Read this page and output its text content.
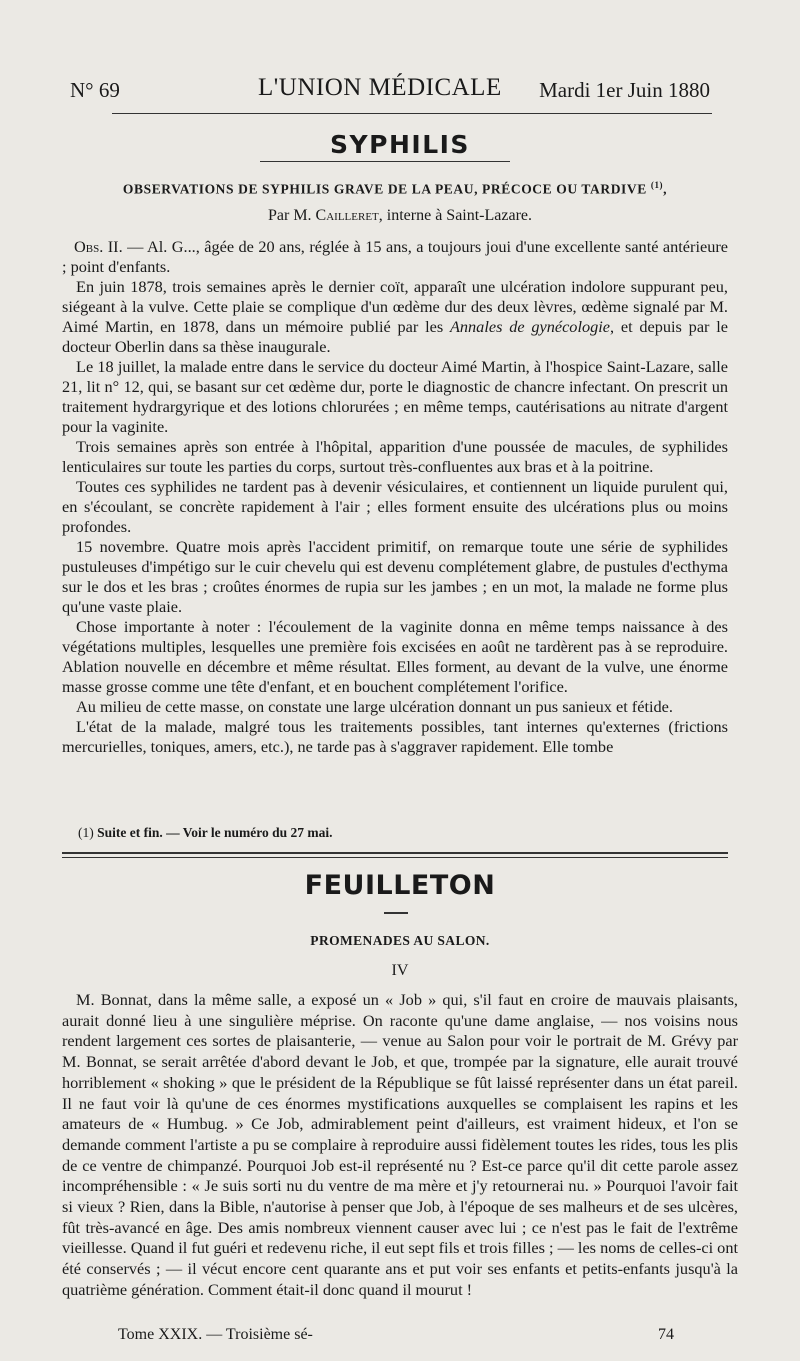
N° 69	L'UNION MÉDICALE Mardi 1er Juin 1880
SYPHILIS
OBSERVATIONS DE SYPHILIS GRAVE DE LA PEAU, PRÉCOCE OU TARDIVE $^{(1)}$,
Par M. Cailleret, interne à Saint-Lazare.

Obs. II. — Al. G..., âgée de 20 ans, réglée à 15 ans, a toujours joui d'une excellente santé antérieure ; point d'enfants.

En juin 1878, trois semaines après le dernier coït, apparaît une ulcération indolore suppurant peu, siégeant à la vulve. Cette plaie se complique d'un œdème dur des deux lèvres, œdème signalé par M. Aimé Martin, en 1878, dans un mémoire publié par les Annales de gynécologie, et depuis par le docteur Oberlin dans sa thèse inaugurale.

Le 18 juillet, la malade entre dans le service du docteur Aimé Martin, à l'hospice Saint-Lazare, salle 21, lit n° 12, qui, se basant sur cet œdème dur, porte le diagnostic de chancre infectant. On prescrit un traitement hydrargyrique et des lotions chlorurées ; en même temps, cautérisations au nitrate d'argent pour la vaginite.

Trois semaines après son entrée à l'hôpital, apparition d'une poussée de macules, de syphilides lenticulaires sur toute les parties du corps, surtout très-confluentes aux bras et à la poitrine.

Toutes ces syphilides ne tardent pas à devenir vésiculaires, et contiennent un liquide purulent qui, en s'écoulant, se concrète rapidement à l'air ; elles forment ensuite des ulcérations plus ou moins profondes.

15 novembre. Quatre mois après l'accident primitif, on remarque toute une série de syphilides pustuleuses d'impétigo sur le cuir chevelu qui est devenu complétement glabre, de pustules d'ecthyma sur le dos et les bras ; croûtes énormes de rupia sur les jambes ; en un mot, la malade ne forme plus qu'une vaste plaie.

Chose importante à noter : l'écoulement de la vaginite donna en même temps naissance à des végétations multiples, lesquelles une première fois excisées en août ne tardèrent pas à se reproduire. Ablation nouvelle en décembre et même résultat. Elles forment, au devant de la vulve, une énorme masse grosse comme une tête d'enfant, et en bouchent complétement l'orifice.

Au milieu de cette masse, on constate une large ulcération donnant un pus sanieux et fétide.

L'état de la malade, malgré tous les traitements possibles, tant internes qu'externes (frictions mercurielles, toniques, amers, etc.), ne tarde pas à s'aggraver rapidement. Elle tombe

(1) Suite et fin. — Voir le numéro du 27 mai.
FEUILLETON
PROMENADES AU SALON.
IV

M. Bonnat, dans la même salle, a exposé un « Job » qui, s'il faut en croire de mauvais plaisants, aurait donné lieu à une singulière méprise. On raconte qu'une dame anglaise, — nos voisins nous rendent largement ces sortes de plaisanterie, — venue au Salon pour voir le portrait de M. Grévy par M. Bonnat, se serait arrêtée d'abord devant le Job, et que, trompée par la signature, elle aurait trouvé horriblement « shoking » que le président de la République se fût laissé représenter dans un état pareil. Il ne faut voir là qu'une de ces énormes mystifications auxquelles se complaisent les rapins et les amateurs de « Humbug. » Ce Job, admirablement peint d'ailleurs, est vraiment hideux, et l'on se demande comment l'artiste a pu se complaire à reproduire aussi fidèlement toutes les rides, tous les plis de ce ventre de chimpanzé. Pourquoi Job est-il représenté nu ? Est-ce parce qu'il dit cette parole assez incompréhensible : « Je suis sorti nu du ventre de ma mère et j'y retournerai nu. » Pourquoi l'avoir fait si vieux ? Rien, dans la Bible, n'autorise à penser que Job, à l'époque de ses malheurs et de ses ulcères, fût très-avancé en âge. Des amis nombreux viennent causer avec lui ; ce n'est pas le fait de l'extrême vieillesse. Quand il fut guéri et redevenu riche, il eut sept fils et trois filles ; — les noms de celles-ci ont été conservés ; — il vécut encore cent quarante ans et put voir ses enfants et petits-enfants jusqu'à la quatrième génération. Comment était-il donc quand il mourut !

Tome XXIX. — Troisième sé-	74
